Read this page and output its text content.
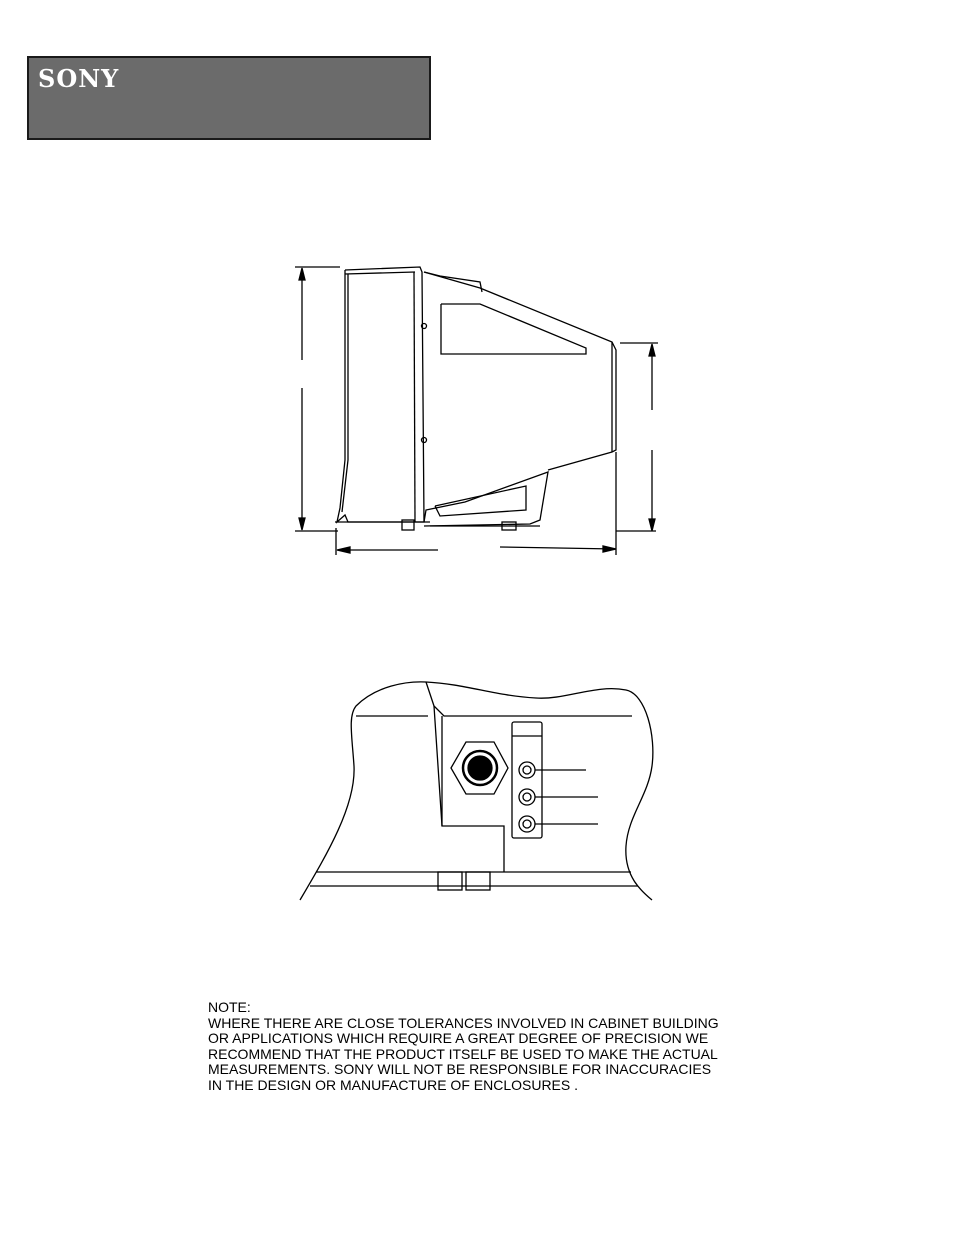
SONY

NOTE:

WHERE THERE ARE CLOSE TOLERANCES INVOLVED IN CABINET BUILDING

OR APPLICATIONS WHICH REQUIRE A GREAT DEGREE OF PRECISION WE

RECOMMEND THAT THE PRODUCT ITSELF BE USED TO MAKE THE ACTUAL

MEASUREMENTS. SONY WILL NOT BE RESPONSIBLE FOR INACCURACIES

IN THE DESIGN OR MANUFACTURE OF ENCLOSURES .
